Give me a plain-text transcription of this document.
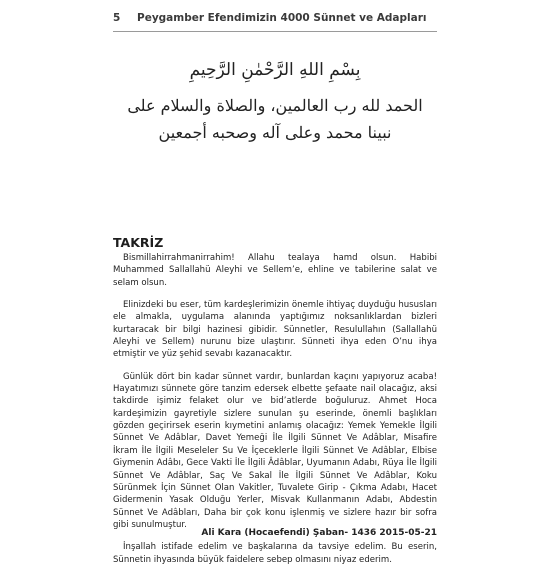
5 Peygamber Efendimizin 4000 Sünnet ve Adapları
بِسْمِ اللهِ الرَّحْمٰنِ الرَّحِيمِ
الحمد لله رب العالمين، والصلاة والسلام على نبينا محمد وعلى آله وصحبه أجمعين
TAKRİZ

Bismillahirrahmanirrahim! Allahu tealaya hamd olsun. Habibi Muhammed Sallallahü Aleyhi ve Sellem’e, ehline ve tabilerine salat ve selam olsun.

Elinizdeki bu eser, tüm kardeşlerimizin önemle ihtiyaç duyduğu hususları ele almakla, uygulama alanında yaptığımız noksanlıklardan bizleri kurtaracak bir bilgi hazinesi gibidir. Sünnetler, Resulullahın (Sallallahü Aleyhi ve Sellem) nurunu bize ulaştırır. Sünneti ihya eden O’nu ihya etmiştir ve yüz şehid sevabı kazanacaktır.

Günlük dört bin kadar sünnet vardır, bunlardan kaçını yapıyoruz acaba! Hayatımızı sünnete göre tanzim edersek elbette şefaate nail olacağız, aksi takdirde işimiz felaket olur ve bid’atlerde boğuluruz. Ahmet Hoca kardeşimizin gayretiyle sizlere sunulan şu eserinde, önemli başlıkları gözden geçirirsek eserin kıymetini anlamış olacağız: Yemek Yemekle İlgili Sünnet Ve Adâblar, Davet Yemeği İle İlgili Sünnet Ve Adâblar, Misafire İkram İle İlgili Meseleler Su Ve İçeceklerle İlgili Sünnet Ve Adâblar, Elbise Giymenin Adâbı, Gece Vakti İle İlgili Âdâblar, Uyumanın Adabı, Rüya İle İlgili Sünnet Ve Adâblar, Saç Ve Sakal İle İlgili Sünnet Ve Adâblar, Koku Sürünmek İçin Sünnet Olan Vakitler, Tuvalete Girip - Çıkma Adabı, Hacet Gidermenin Yasak Olduğu Yerler, Misvak Kullanmanın Adabı, Abdestin Sünnet Ve Adâbları, Daha bir çok konu işlenmiş ve sizlere hazır bir sofra gibi sunulmuştur.

İnşallah istifade edelim ve başkalarına da tavsiye edelim. Bu eserin, Sünnetin ihyasında büyük faidelere sebep olmasını niyaz ederim.

Ali Kara (Hocaefendi) Şaban- 1436 2015-05-21
